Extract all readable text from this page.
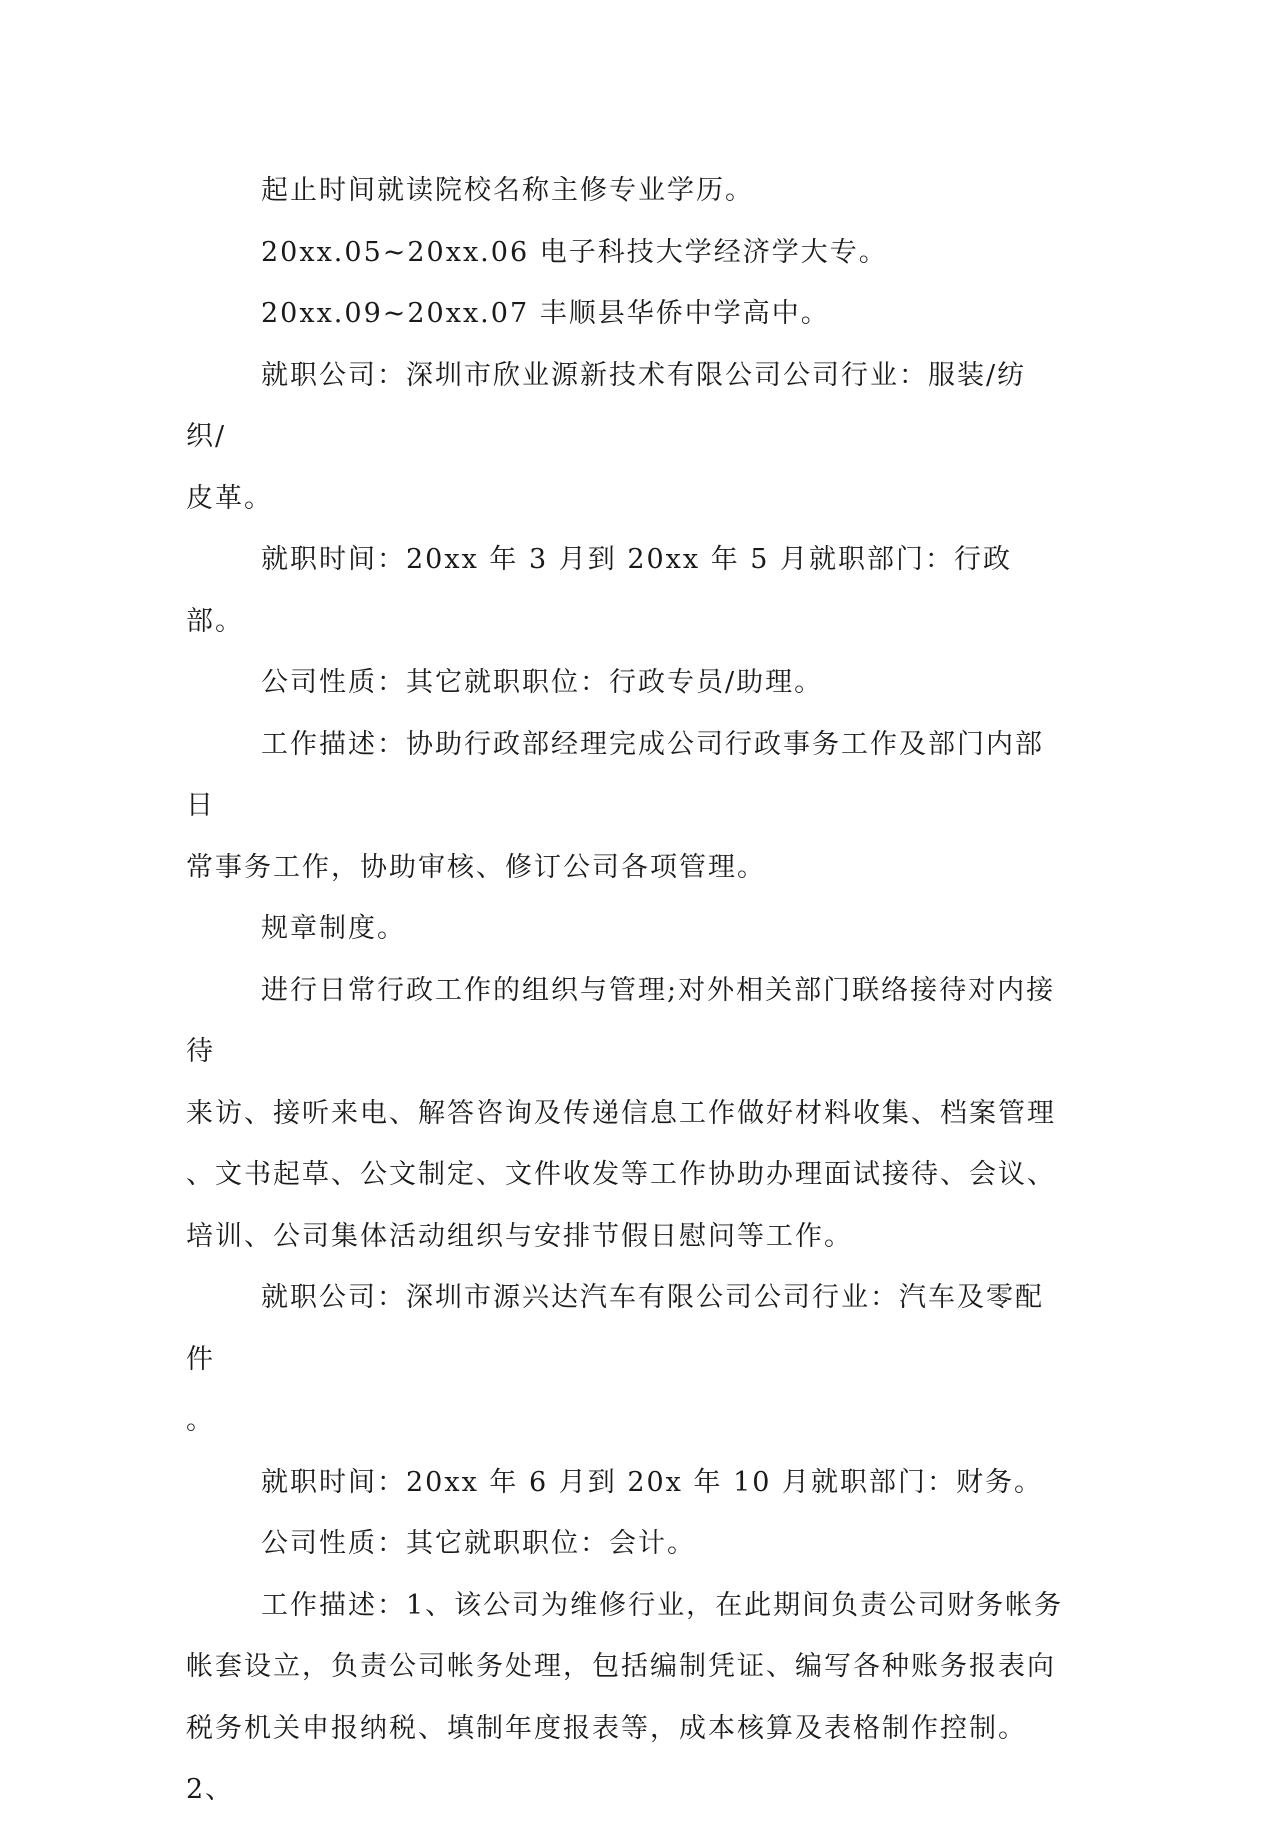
起止时间就读院校名称主修专业学历。

20xx.05~20xx.06 电子科技大学经济学大专。

20xx.09~20xx.07 丰顺县华侨中学高中。

就职公司：深圳市欣业源新技术有限公司公司行业：服装/纺织/
皮革。

就职时间：20xx 年 3 月到 20xx 年 5 月就职部门：行政部。

公司性质：其它就职职位：行政专员/助理。

工作描述：协助行政部经理完成公司行政事务工作及部门内部日
常事务工作，协助审核、修订公司各项管理。

规章制度。

进行日常行政工作的组织与管理;对外相关部门联络接待对内接待
来访、接听来电、解答咨询及传递信息工作做好材料收集、档案管理
、文书起草、公文制定、文件收发等工作协助办理面试接待、会议、
培训、公司集体活动组织与安排节假日慰问等工作。

就职公司：深圳市源兴达汽车有限公司公司行业：汽车及零配件
。

就职时间：20xx 年 6 月到 20x 年 10 月就职部门：财务。

公司性质：其它就职职位：会计。

工作描述：1、该公司为维修行业，在此期间负责公司财务帐务
帐套设立，负责公司帐务处理，包括编制凭证、编写各种账务报表向
税务机关申报纳税、填制年度报表等，成本核算及表格制作控制。2、
